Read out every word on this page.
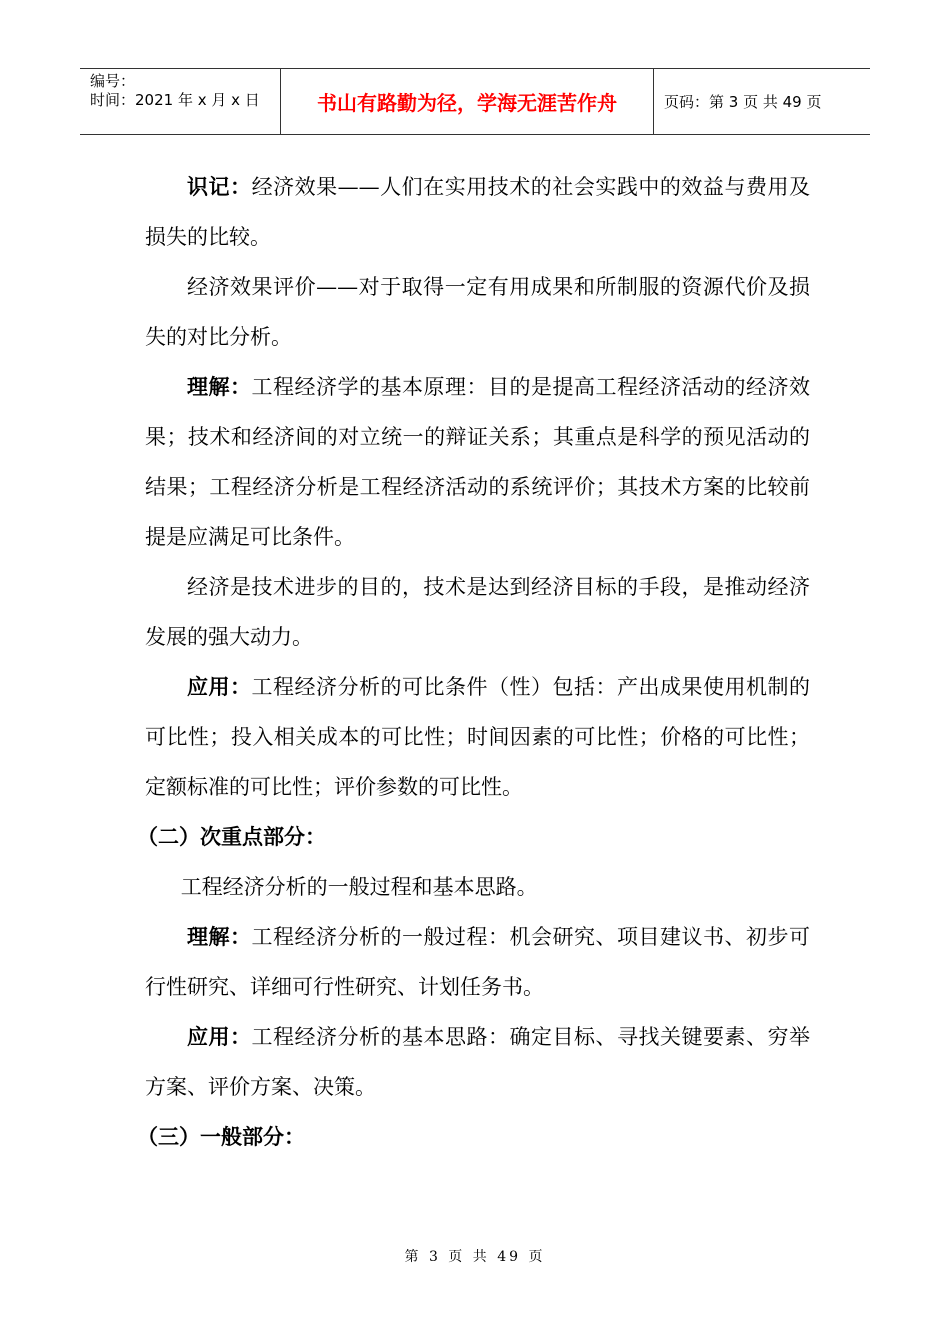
编号：
时间：2021 年 x 月 x 日	书山有路勤为径，学海无涯苦作舟	页码：第 3 页 共 49 页

识记：经济效果——人们在实用技术的社会实践中的效益与费用及损失的比较。

经济效果评价——对于取得一定有用成果和所制服的资源代价及损失的对比分析。

理解：工程经济学的基本原理：目的是提高工程经济活动的经济效果；技术和经济间的对立统一的辩证关系；其重点是科学的预见活动的结果；工程经济分析是工程经济活动的系统评价；其技术方案的比较前提是应满足可比条件。

经济是技术进步的目的，技术是达到经济目标的手段，是推动经济发展的强大动力。

应用：工程经济分析的可比条件（性）包括：产出成果使用机制的可比性；投入相关成本的可比性；时间因素的可比性；价格的可比性；定额标准的可比性；评价参数的可比性。

（二）次重点部分：

工程经济分析的一般过程和基本思路。

理解：工程经济分析的一般过程：机会研究、项目建议书、初步可行性研究、详细可行性研究、计划任务书。

应用：工程经济分析的基本思路：确定目标、寻找关键要素、穷举方案、评价方案、决策。

（三）一般部分：

第 3 页 共 49 页
